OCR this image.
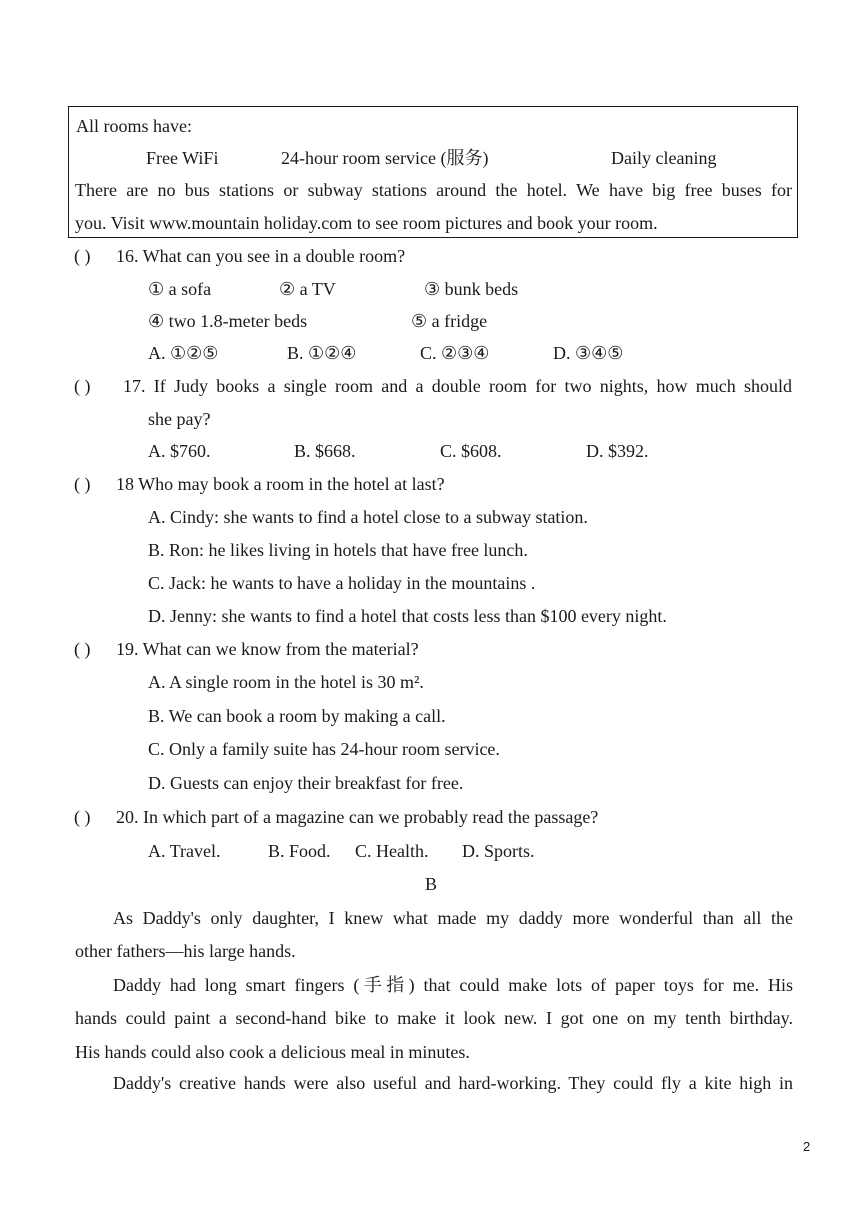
All rooms have:
Free WiFi	24-hour room service (服务)	Daily cleaning
There are no bus stations or subway stations around the hotel. We have big free buses for
you. Visit www.mountain holiday.com to see room pictures and book your room.
( ) 16. What can you see in a double room?
① a sofa	② a TV	③ bunk beds
④ two 1.8-meter beds	⑤ a fridge
A. ①②⑤	B. ①②④	C. ②③④	D. ③④⑤
( ) 17. If Judy books a single room and a double room for two nights, how much should
she pay?
A. $760.	B. $668.	C. $608.	D. $392.
( ) 18 Who may book a room in the hotel at last?
A. Cindy: she wants to find a hotel close to a subway station.
B. Ron: he likes living in hotels that have free lunch.
C. Jack: he wants to have a holiday in the mountains .
D. Jenny: she wants to find a hotel that costs less than $100 every night.
( ) 19. What can we know from the material?
A. A single room in the hotel is 30 m².
B. We can book a room by making a call.
C. Only a family suite has 24-hour room service.
D. Guests can enjoy their breakfast for free.
( ) 20. In which part of a magazine can we probably read the passage?
A. Travel.	B. Food. C. Health. D. Sports.
B
As Daddy's only daughter, I knew what made my daddy more wonderful than all the
other fathers—his large hands.
Daddy had long smart fingers (手指) that could make lots of paper toys for me. His
hands could paint a second-hand bike to make it look new. I got one on my tenth birthday.
His hands could also cook a delicious meal in minutes.
Daddy's creative hands were also useful and hard-working. They could fly a kite high in
2
